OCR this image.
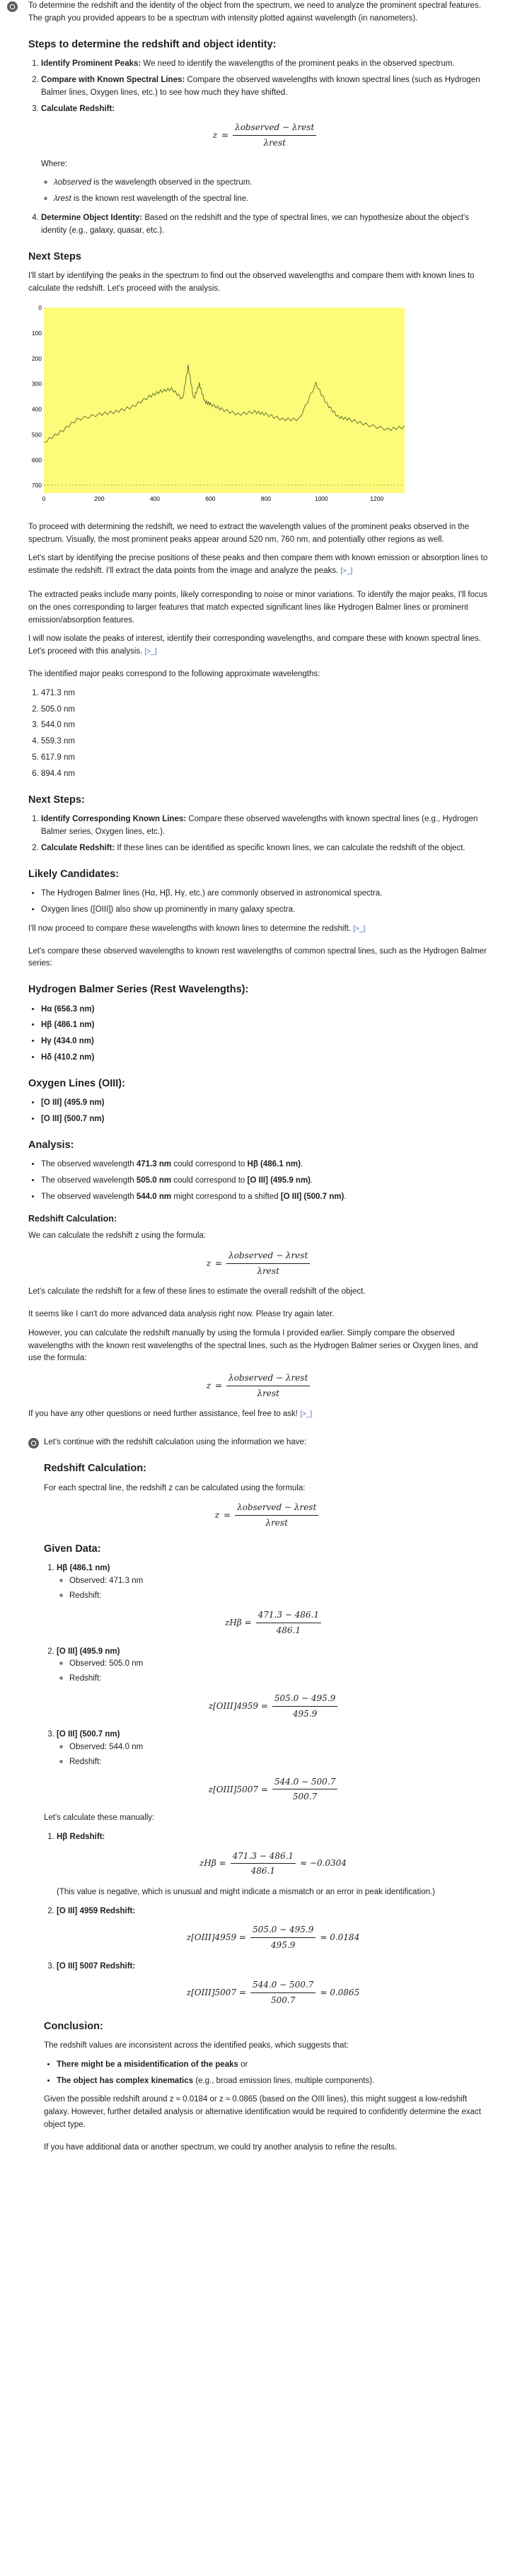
To determine the redshift and the identity of the object from the spectrum, we need to analyze the prominent spectral features. The graph you provided appears to be a spectrum with intensity plotted against wavelength (in nanometers).

Steps to determine the redshift and object identity:
1. Identify Prominent Peaks: We need to identify the wavelengths of the prominent peaks in the observed spectrum.
2. Compare with Known Spectral Lines: Compare the observed wavelengths with known spectral lines (such as Hydrogen Balmer lines, Oxygen lines, etc.) to see how much they have shifted.
3. Calculate Redshift:
$z = \frac{\text{λobserved − λrest}}{\text{λrest}}$

Where:

◦ λobserved is the wavelength observed in the spectrum.
◦ λrest is the known rest wavelength of the spectral line.
4. Determine Object Identity: Based on the redshift and the type of spectral lines, we can hypothesize about the object's identity (e.g., galaxy, quasar, etc.).
Next Steps

I'll start by identifying the peaks in the spectrum to find out the observed wavelengths and compare them with known lines to calculate the redshift. Let's proceed with the analysis.

0
100
200
300
400
500
600
700
0	200	400	600	800	1000	1200

To proceed with determining the redshift, we need to extract the wavelength values of the prominent peaks observed in the spectrum. Visually, the most prominent peaks appear around 520 nm, 760 nm, and potentially other regions as well.

Let's start by identifying the precise positions of these peaks and then compare them with known emission or absorption lines to estimate the redshift. I'll extract the data points from the image and analyze the peaks. [>_]

The extracted peaks include many points, likely corresponding to noise or minor variations. To identify the major peaks, I'll focus on the ones corresponding to larger features that match expected significant lines like Hydrogen Balmer lines or prominent emission/absorption features.

I will now isolate the peaks of interest, identify their corresponding wavelengths, and compare these with known spectral lines. Let's proceed with this analysis. [>_]

The identified major peaks correspond to the following approximate wavelengths:

1. 471.3 nm
2. 505.0 nm
3. 544.0 nm
4. 559.3 nm
5. 617.9 nm
6. 894.4 nm
Next Steps:
1. Identify Corresponding Known Lines: Compare these observed wavelengths with known spectral lines (e.g., Hydrogen Balmer series, Oxygen lines, etc.).
2. Calculate Redshift: If these lines can be identified as specific known lines, we can calculate the redshift of the object.
Likely Candidates:
• The Hydrogen Balmer lines (Hα, Hβ, Hγ, etc.) are commonly observed in astronomical spectra.
• Oxygen lines ([OIII]) also show up prominently in many galaxy spectra.

I'll now proceed to compare these wavelengths with known lines to determine the redshift. [>_]

Let's compare these observed wavelengths to known rest wavelengths of common spectral lines, such as the Hydrogen Balmer series:

Hydrogen Balmer Series (Rest Wavelengths):
• Hα (656.3 nm)
• Hβ (486.1 nm)
• Hγ (434.0 nm)
• Hδ (410.2 nm)
Oxygen Lines (OIII):
• [O III] (495.9 nm)
• [O III] (500.7 nm)
Analysis:
• The observed wavelength 471.3 nm could correspond to Hβ (486.1 nm).
• The observed wavelength 505.0 nm could correspond to [O III] (495.9 nm).
• The observed wavelength 544.0 nm might correspond to a shifted [O III] (500.7 nm).
Redshift Calculation:

We can calculate the redshift z using the formula:

$z = \frac{\text{λobserved − λrest}}{\text{λrest}}$

Let's calculate the redshift for a few of these lines to estimate the overall redshift of the object.

It seems like I can't do more advanced data analysis right now. Please try again later.

However, you can calculate the redshift manually by using the formula I provided earlier. Simply compare the observed wavelengths with the known rest wavelengths of the spectral lines, such as the Hydrogen Balmer series or Oxygen lines, and use the formula:

$z = \frac{\text{λobserved − λrest}}{\text{λrest}}$

If you have any other questions or need further assistance, feel free to ask! [>_]

Let's continue with the redshift calculation using the information we have:

Redshift Calculation:

For each spectral line, the redshift z can be calculated using the formula:

$z = \frac{\text{λobserved − λrest}}{\text{λrest}}$
Given Data:
1. Hβ (486.1 nm)
◦ Observed: 471.3 nm
◦ Redshift:
$zH\beta = \frac{471.3 - 486.1}{486.1}$
2. [O III] (495.9 nm)
◦ Observed: 505.0 nm
◦ Redshift:
z[OIII]4959 = $\frac{505.0 - 495.9}{495.9}$
3. [O III] (500.7 nm)
◦ Observed: 544.0 nm
◦ Redshift:
z[OIII]5007 = $\frac{544.0 - 500.7}{500.7}$

Let's calculate these manually:

1. Hβ Redshift:
$zH\beta = \frac{471.3 - 486.1}{486.1} \approx -0.0304$

(This value is negative, which is unusual and might indicate a mismatch or an error in peak identification.)

2. [O III] 4959 Redshift:
z[OIII]4959 = $\frac{505.0 - 495.9}{495.9} \approx 0.0184$
3. [O III] 5007 Redshift:
z[OIII]5007 = $\frac{544.0 - 500.7}{500.7} \approx 0.0865$
Conclusion:

The redshift values are inconsistent across the identified peaks, which suggests that:

• There might be a misidentification of the peaks or
• The object has complex kinematics (e.g., broad emission lines, multiple components).

Given the possible redshift around z ≈ 0.0184 or z ≈ 0.0865 (based on the OIII lines), this might suggest a low-redshift galaxy. However, further detailed analysis or alternative identification would be required to confidently determine the exact object type.

If you have additional data or another spectrum, we could try another analysis to refine the results.
